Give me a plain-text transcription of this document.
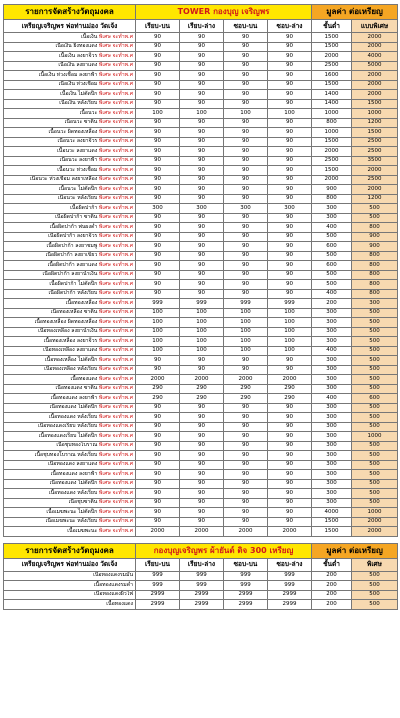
รายการจัดสร้างวัตถุมงคล	TOWER กองบุญ เจริญพร				มูลค่า ต่อเหรียญ	
เหรียญเจริญพร พ่อท่านม่อง วัดเจ้ง	เรียบ-บน	เรียบ-ล่าง	ซอบ-บน	ซอบ-ล่าง	ชั้นต่ำ	แบบพิเศษ
เนื้อเงิน พิเศษ จะทำพ.ศ	90	90	90	90	1500	2000
เนื้อเงิน ยิงทองแดง พิเศษ จะทำพ.ศ	90	90	90	90	1500	2000
เนื้อเงิน ลงยาจีวร พิเศษ จะทำพ.ศ	90	90	90	90	2000	4000
เนื้อเงิน ลงยาแดง พิเศษ จะทำพ.ศ	90	90	90	90	2500	5000
เนื้อเงิน ห่วงเชื่อม ลงยาฟ้า พิเศษ จะทำพ.ศ	90	90	90	90	1600	2000
เนื้อเงิน ห่วงเชื่อม พิเศษ จะทำพ.ศ	90	90	90	90	1500	2000
เนื้อเงิน ไม่ตัดปีก พิเศษ จะทำพ.ศ	90	90	90	90	1400	2000
เนื้อเงิน หลังเรียบ พิเศษ จะทำพ.ศ	90	90	90	90	1400	1500
เนื้อนวะ พิเศษ จะทำพ.ศ	100	100	100	100	1000	1000
เนื้อนวะ ซาติน พิเศษ จะทำพ.ศ	90	90	90	90	800	1200
เนื้อนวะ ผิดทองเหลือง พิเศษ จะทำพ.ศ	90	90	90	90	1000	1500
เนื้อนวะ ลงยาจีวร พิเศษ จะทำพ.ศ	90	90	90	90	1500	2500
เนื้อนวะ ลงยาแดง พิเศษ จะทำพ.ศ	90	90	90	90	2000	2500
เนื้อนวะ ลงยาฟ้า พิเศษ จะทำพ.ศ	90	90	90	90	2500	3500
เนื้อนวะ ห่วงเชื่อม พิเศษ จะทำพ.ศ	90	90	90	90	1500	2000
เนื้อนวะ ห่วงเชื่อม ลงยาเหลือง พิเศษ จะทำพ.ศ	90	90	90	90	2000	2500
เนื้อนวะ ไม่ตัดปีก พิเศษ จะทำพ.ศ	90	90	90	90	900	2000
เนื้อนวะ หลังเรียบ พิเศษ จะทำพ.ศ	90	90	90	90	800	1200
เนื้อผิดปาก้า พิเศษ จะทำพ.ศ	300	300	300	300	300	500
เนื้อผิดปาก้า ซาติน พิเศษ จะทำพ.ศ	90	90	90	90	300	500
เนื้อผิดปาก้า พ่นผงดำ พิเศษ จะทำพ.ศ	90	90	90	90	400	800
เนื้อผิดปาก้า ลงยาจีวร พิเศษ จะทำพ.ศ	90	90	90	90	500	900
เนื้อผิดปาก้า ลงยาชมพู พิเศษ จะทำพ.ศ	90	90	90	90	600	900
เนื้อผิดปาก้า ลงยาเขียว พิเศษ จะทำพ.ศ	90	90	90	90	500	800
เนื้อผิดปาก้า ลงยาแดง พิเศษ จะทำพ.ศ	90	90	90	90	600	800
เนื้อผิดปาก้า ลงยาน้ำเงิน พิเศษ จะทำพ.ศ	90	90	90	90	500	800
เนื้อผิดปาก้า ไม่ตัดปีก พิเศษ จะทำพ.ศ	90	90	90	90	500	800
เนื้อผิดปาก้า หลังเรียบ พิเศษ จะทำพ.ศ	90	90	90	90	400	800
เนื้อทองเหลือง พิเศษ จะทำพ.ศ	999	999	999	999	200	300
เนื้อทองเหลือง ซาติน พิเศษ จะทำพ.ศ	100	100	100	100	300	500
เนื้อทองเหลือง ผิดทองเหลือง พิเศษ จะทำพ.ศ	100	100	100	100	300	500
เนื้อทองเหลือง ลงยาน้ำเงิน พิเศษ จะทำพ.ศ	100	100	100	100	300	500
เนื้อทองเหลือง ลงยาจีวร พิเศษ จะทำพ.ศ	100	100	100	100	300	500
เนื้อทองเหลือง ลงยาแดง พิเศษ จะทำพ.ศ	100	100	100	100	400	500
เนื้อทองเหลือง ไม่ตัดปีก พิเศษ จะทำพ.ศ	90	90	90	90	300	500
เนื้อทองเหลือง หลังเรียบ พิเศษ จะทำพ.ศ	90	90	90	90	300	500
เนื้อทองแดง พิเศษ จะทำพ.ศ	2000	2000	2000	2000	300	500
เนื้อทองแดง ซาติน พิเศษ จะทำพ.ศ	290	290	290	290	300	500
เนื้อทองแดง ลงยาฟ้า พิเศษ จะทำพ.ศ	290	290	290	290	400	600
เนื้อทองแดง ไม่ตัดปีก พิเศษ จะทำพ.ศ	90	90	90	90	300	500
เนื้อทองแดง หลังเรียบ พิเศษ จะทำพ.ศ	90	90	90	90	300	500
เนื้อทองแดงเรียบ หลังเรียบ พิเศษ จะทำพ.ศ	90	90	90	90	300	500
เนื้อทองแดงเรียบ ไม่ตัดปีก พิเศษ จะทำพ.ศ	90	90	90	90	300	1000
เนื้อชุบทองโบราณ พิเศษ จะทำพ.ศ	90	90	90	90	300	500
เนื้อชุบทองโบราณ หลังเรียบ พิเศษ จะทำพ.ศ	90	90	90	90	300	500
เนื้อทองแดง ลงยาแดง พิเศษ จะทำพ.ศ	90	90	90	90	300	500
เนื้อทองแดง ลงยาฟ้า พิเศษ จะทำพ.ศ	90	90	90	90	300	500
เนื้อทองแดง ไม่ตัดปีก พิเศษ จะทำพ.ศ	90	90	90	90	300	500
เนื้อทองแดง หลังเรียบ พิเศษ จะทำพ.ศ	90	90	90	90	300	500
เนื้อชุบซาติน พิเศษ จะทำพ.ศ	90	90	90	90	300	500
เนื้อเมฆพะนะ ไม่ตัดปีก พิเศษ จะทำพ.ศ	90	90	90	90	4000	1000
เนื้อเมฆพะนะ หลังเรียบ พิเศษ จะทำพ.ศ	90	90	90	90	1500	2000
เนื้อเมฆพะนะ พิเศษ จะทำพ.ศ	2000	2000	2000	2000	1500	2000
รายการจัดสร้างวัตถุมงคล	กองบุญเจริญพร ผ้ายันต์ ดิจ 300 เหรียญ				มูลค่า ต่อเหรียญ	
เหรียญเจริญพร พ่อท่านม่อง วัดเจ้ง	เรียบ-บน	เรียบ-ล่าง	ซอบ-บน	ซอบ-ล่าง	ชั้นต่ำ	พิเศษ
เนื้อทองแดงรมมัน	999	999	999	999	200	500
เนื้อทองแดงรมดำ	999	999	999	999	200	500
เนื้อทองแดงผิวไฟ	2999	2999	2999	2999	200	500
เนื้อทองแดง	2999	2999	2999	2999	200	500
